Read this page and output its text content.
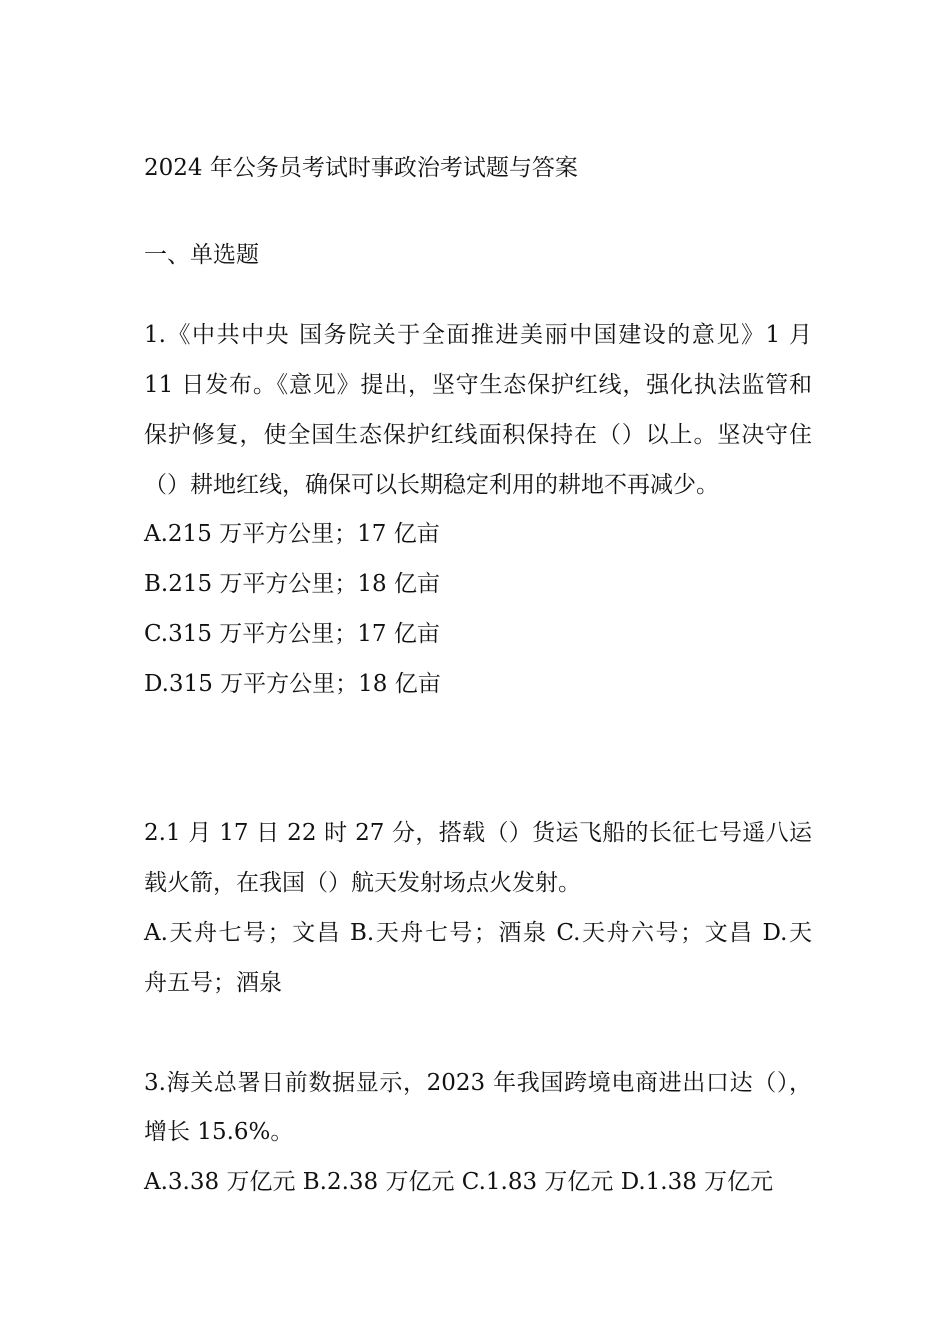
2024 年公务员考试时事政治考试题与答案
一、单选题
1.《中共中央 国务院关于全面推进美丽中国建设的意见》1 月
11 日发布。《意见》提出，坚守生态保护红线，强化执法监管和
保护修复，使全国生态保护红线面积保持在（）以上。坚决守住
（）耕地红线，确保可以长期稳定利用的耕地不再减少。
A.215 万平方公里；17 亿亩
B.215 万平方公里；18 亿亩
C.315 万平方公里；17 亿亩
D.315 万平方公里；18 亿亩
2.1 月 17 日 22 时 27 分，搭载（）货运飞船的长征七号遥八运
载火箭，在我国（）航天发射场点火发射。
A.天舟七号；文昌 B.天舟七号；酒泉 C.天舟六号；文昌 D.天
舟五号；酒泉
3.海关总署日前数据显示，2023 年我国跨境电商进出口达（），
增长 15.6%。
A.3.38 万亿元 B.2.38 万亿元 C.1.83 万亿元 D.1.38 万亿元
